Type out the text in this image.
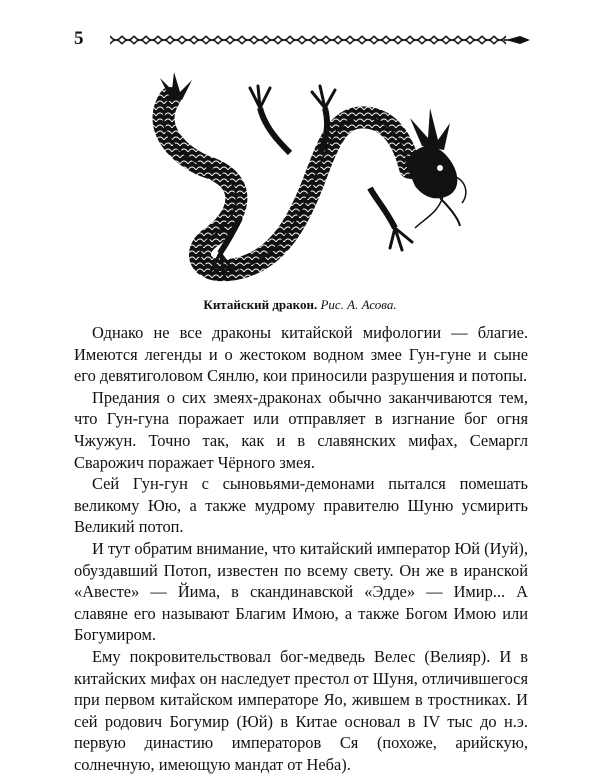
5
Китайский дракон. Рис. А. Асова.

Однако не все драконы китайской мифологии — благие. Имеются легенды и о жестоком водном змее Гун-гуне и сыне его девятиголовом Сянлю, кои приносили разрушения и потопы.

Предания о сих змеях-драконах обычно заканчиваются тем, что Гун-гуна поражает или отправляет в изгнание бог огня Чжужун. Точно так, как и в славянских мифах, Семаргл Сварожич поражает Чёрного змея.

Сей Гун-гун с сыновьями-демонами пытался помешать великому Юю, а также мудрому правителю Шуню усмирить Великий потоп.

И тут обратим внимание, что китайский император Юй (Иуй), обуздавший Потоп, известен по всему свету. Он же в иранской «Авесте» — Йима, в скандинавской «Эдде» — Имир... А славяне его называют Благим Имою, а также Богом Имою или Богумиром.

Ему покровительствовал бог-медведь Велес (Велияр). И в китайских мифах он наследует престол от Шуня, отличившегося при первом китайском императоре Яо, жившем в тростниках. И сей родович Богумир (Юй) в Китае основал в IV тыс до н.э. первую династию императоров Ся (похоже, арийскую, солнечную, имеющую мандат от Неба).
